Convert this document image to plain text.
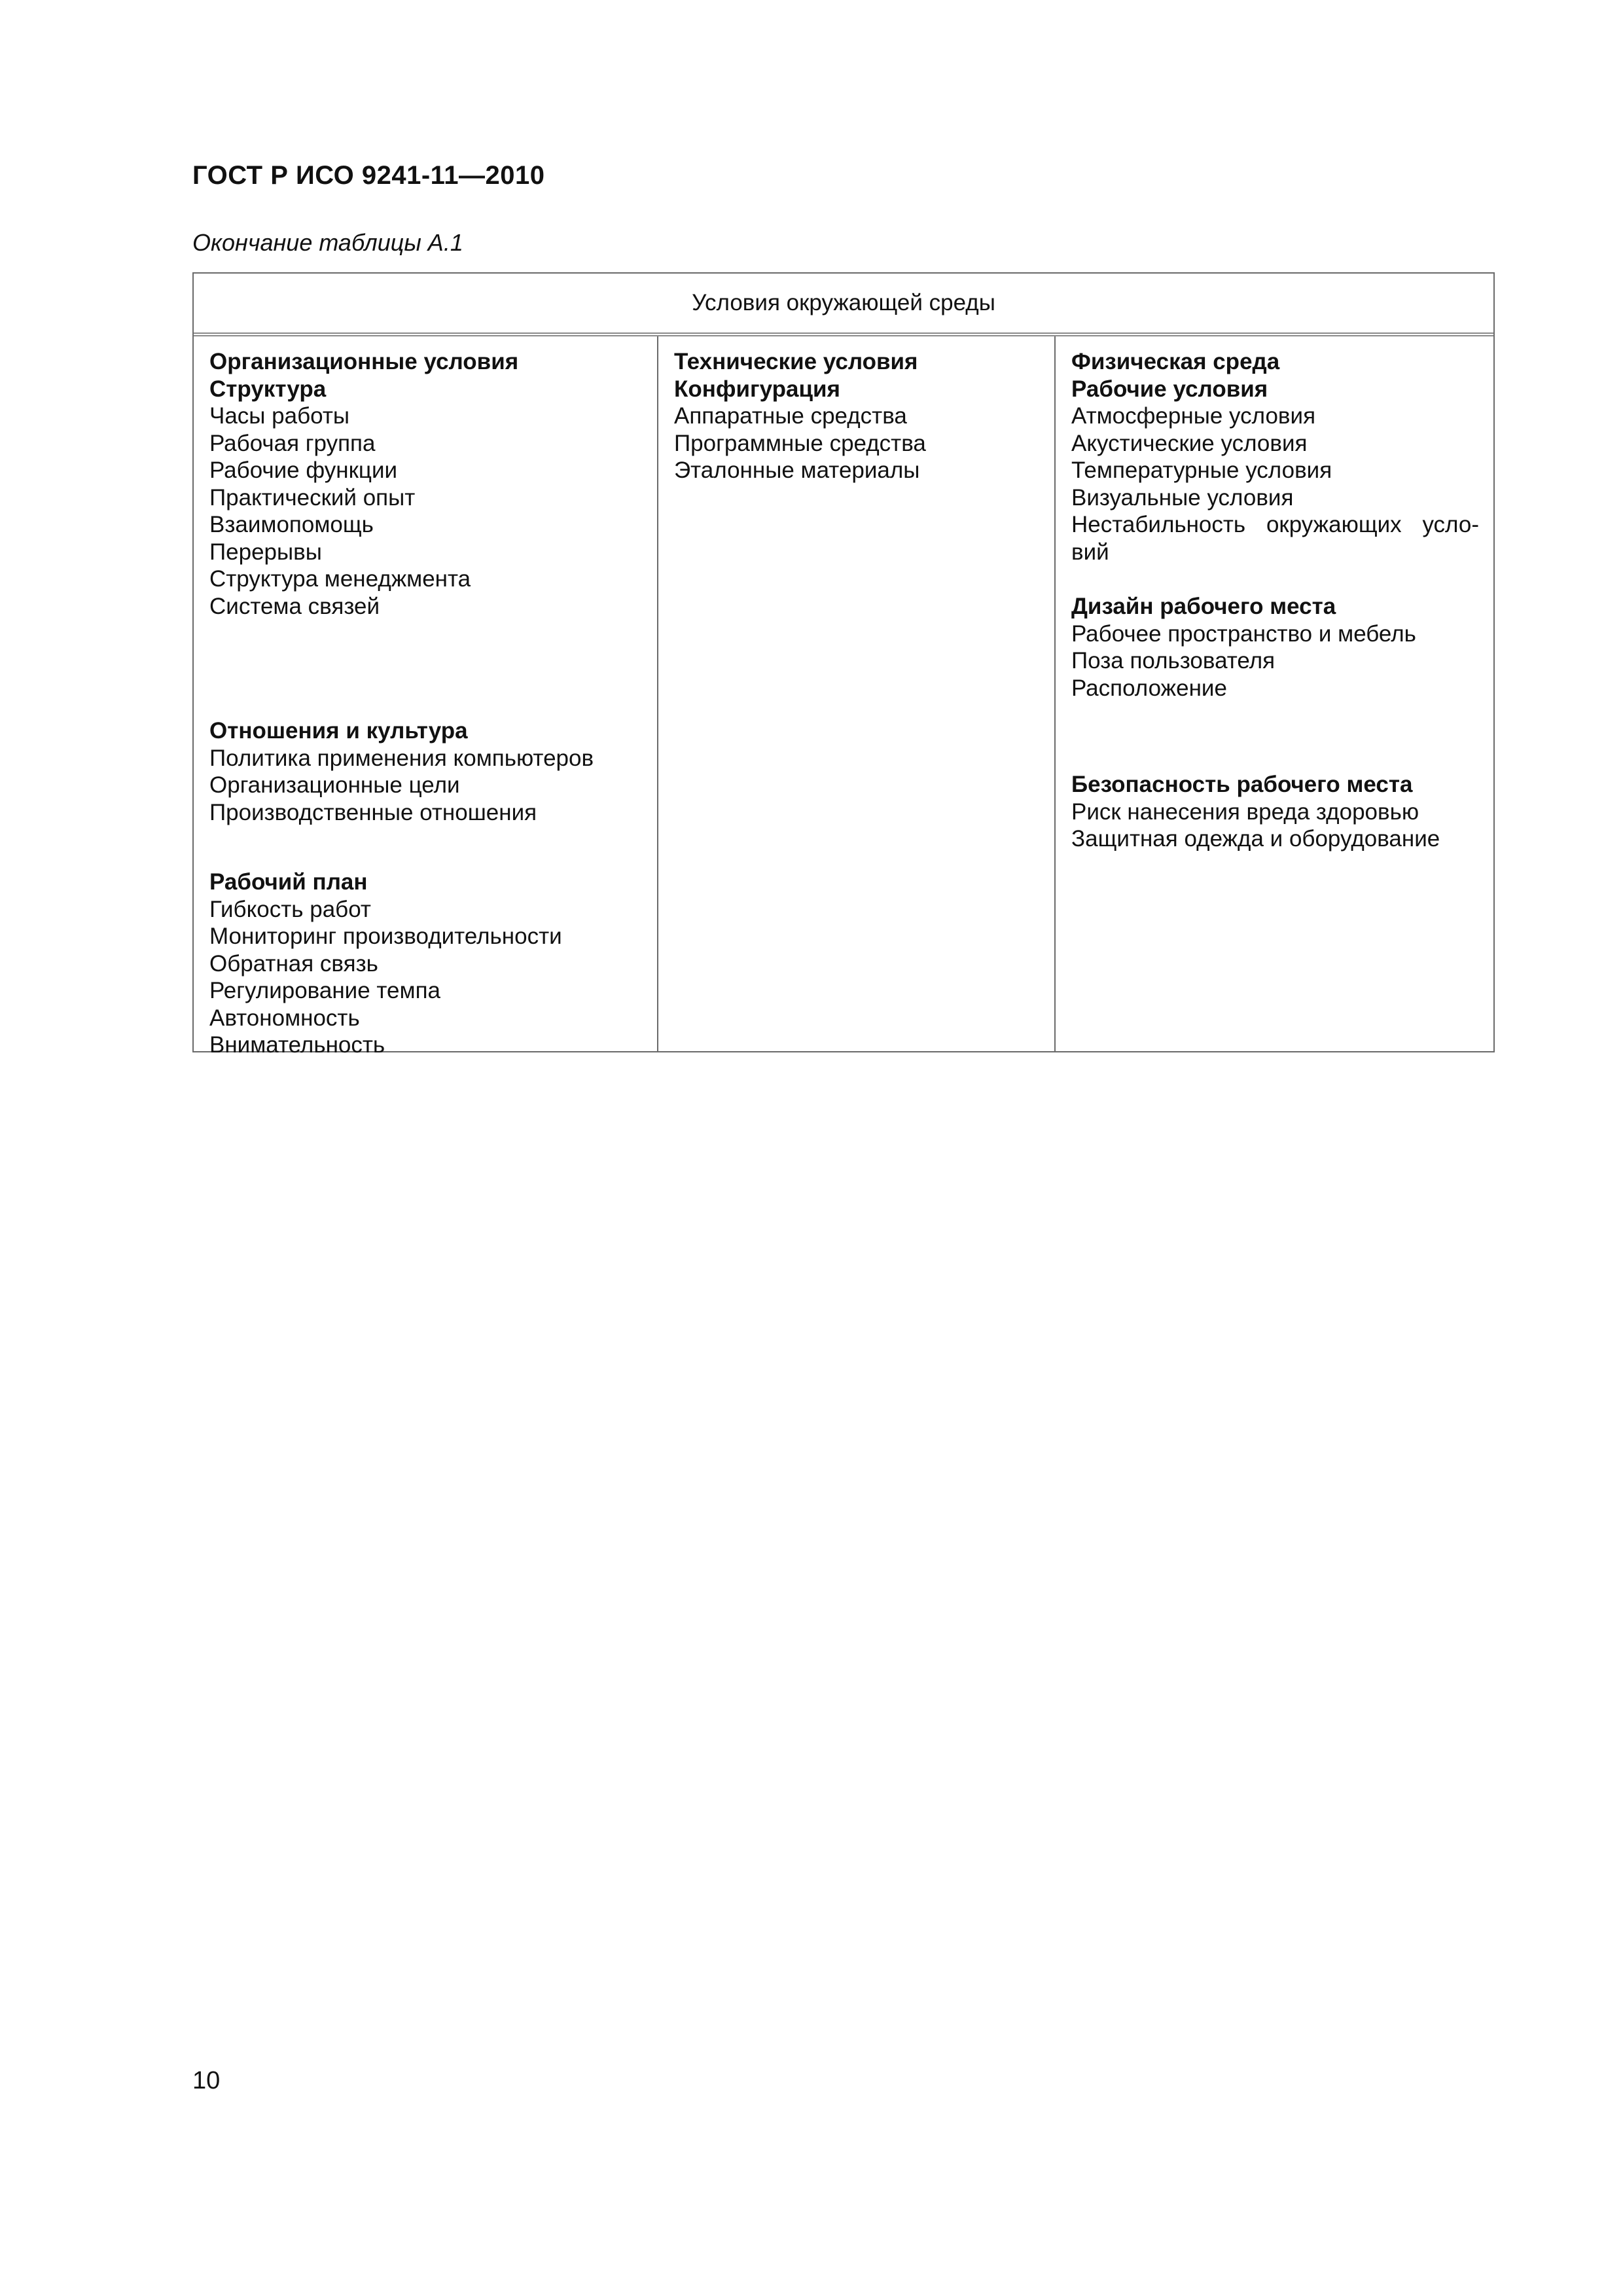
ГОСТ Р ИСО 9241-11—2010
Окончание таблицы А.1
Условия окружающей среды
Организационные условия
Структура
Часы работы
Рабочая группа
Рабочие функции
Практический опыт
Взаимопомощь
Перерывы
Структура менеджмента
Система связей
Отношения и культура
Политика применения компьютеров
Организационные цели
Производственные отношения
Рабочий план
Гибкость работ
Мониторинг производительности
Обратная связь
Регулирование темпа
Автономность
Внимательность
Технические условия
Конфигурация
Аппаратные средства
Программные средства
Эталонные материалы
Физическая среда
Рабочие условия
Атмосферные условия
Акустические условия
Температурные условия
Визуальные условия
Нестабильность окружающих усло-
вий
Дизайн рабочего места
Рабочее пространство и мебель
Поза пользователя
Расположение
Безопасность рабочего места
Риск нанесения вреда здоровью
Защитная одежда и оборудование
10
